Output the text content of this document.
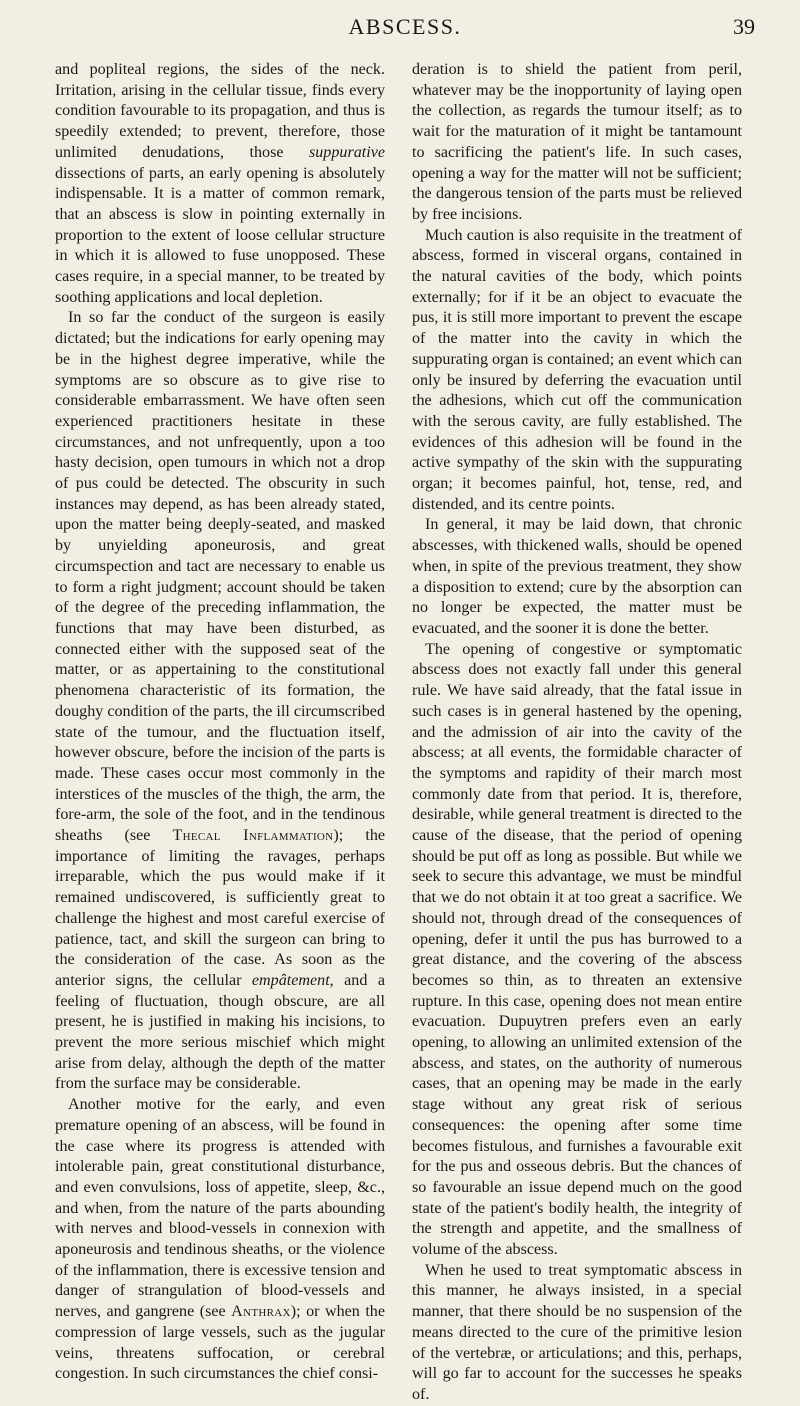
ABSCESS.	39

and popliteal regions, the sides of the neck. Irritation, arising in the cellular tissue, finds every condition favourable to its propagation, and thus is speedily extended; to prevent, therefore, those unlimited denudations, those suppurative dissections of parts, an early opening is absolutely indispensable. It is a matter of common remark, that an abscess is slow in pointing externally in proportion to the extent of loose cellular structure in which it is allowed to fuse unopposed. These cases require, in a special manner, to be treated by soothing applications and local depletion.

In so far the conduct of the surgeon is easily dictated; but the indications for early opening may be in the highest degree imperative, while the symptoms are so obscure as to give rise to considerable embarrassment. We have often seen experienced practitioners hesitate in these circumstances, and not unfrequently, upon a too hasty decision, open tumours in which not a drop of pus could be detected. The obscurity in such instances may depend, as has been already stated, upon the matter being deeply-seated, and masked by unyielding aponeurosis, and great circumspection and tact are necessary to enable us to form a right judgment; account should be taken of the degree of the preceding inflammation, the functions that may have been disturbed, as connected either with the supposed seat of the matter, or as appertaining to the constitutional phenomena characteristic of its formation, the doughy condition of the parts, the ill circumscribed state of the tumour, and the fluctuation itself, however obscure, before the incision of the parts is made. These cases occur most commonly in the interstices of the muscles of the thigh, the arm, the fore-arm, the sole of the foot, and in the tendinous sheaths (see Thecal Inflammation); the importance of limiting the ravages, perhaps irreparable, which the pus would make if it remained undiscovered, is sufficiently great to challenge the highest and most careful exercise of patience, tact, and skill the surgeon can bring to the consideration of the case. As soon as the anterior signs, the cellular empâtement, and a feeling of fluctuation, though obscure, are all present, he is justified in making his incisions, to prevent the more serious mischief which might arise from delay, although the depth of the matter from the surface may be considerable.

Another motive for the early, and even premature opening of an abscess, will be found in the case where its progress is attended with intolerable pain, great constitutional disturbance, and even convulsions, loss of appetite, sleep, &c., and when, from the nature of the parts abounding with nerves and blood-vessels in connexion with aponeurosis and tendinous sheaths, or the violence of the inflammation, there is excessive tension and danger of strangulation of blood-vessels and nerves, and gangrene (see Anthrax); or when the compression of large vessels, such as the jugular veins, threatens suffocation, or cerebral congestion. In such circumstances the chief consi-

deration is to shield the patient from peril, whatever may be the inopportunity of laying open the collection, as regards the tumour itself; as to wait for the maturation of it might be tantamount to sacrificing the patient's life. In such cases, opening a way for the matter will not be sufficient; the dangerous tension of the parts must be relieved by free incisions.

Much caution is also requisite in the treatment of abscess, formed in visceral organs, contained in the natural cavities of the body, which points externally; for if it be an object to evacuate the pus, it is still more important to prevent the escape of the matter into the cavity in which the suppurating organ is contained; an event which can only be insured by deferring the evacuation until the adhesions, which cut off the communication with the serous cavity, are fully established. The evidences of this adhesion will be found in the active sympathy of the skin with the suppurating organ; it becomes painful, hot, tense, red, and distended, and its centre points.

In general, it may be laid down, that chronic abscesses, with thickened walls, should be opened when, in spite of the previous treatment, they show a disposition to extend; cure by the absorption can no longer be expected, the matter must be evacuated, and the sooner it is done the better.

The opening of congestive or symptomatic abscess does not exactly fall under this general rule. We have said already, that the fatal issue in such cases is in general hastened by the opening, and the admission of air into the cavity of the abscess; at all events, the formidable character of the symptoms and rapidity of their march most commonly date from that period. It is, therefore, desirable, while general treatment is directed to the cause of the disease, that the period of opening should be put off as long as possible. But while we seek to secure this advantage, we must be mindful that we do not obtain it at too great a sacrifice. We should not, through dread of the consequences of opening, defer it until the pus has burrowed to a great distance, and the covering of the abscess becomes so thin, as to threaten an extensive rupture. In this case, opening does not mean entire evacuation. Dupuytren prefers even an early opening, to allowing an unlimited extension of the abscess, and states, on the authority of numerous cases, that an opening may be made in the early stage without any great risk of serious consequences: the opening after some time becomes fistulous, and furnishes a favourable exit for the pus and osseous debris. But the chances of so favourable an issue depend much on the good state of the patient's bodily health, the integrity of the strength and appetite, and the smallness of volume of the abscess.

When he used to treat symptomatic abscess in this manner, he always insisted, in a special manner, that there should be no suspension of the means directed to the cure of the primitive lesion of the vertebræ, or articulations; and this, perhaps, will go far to account for the successes he speaks of.
